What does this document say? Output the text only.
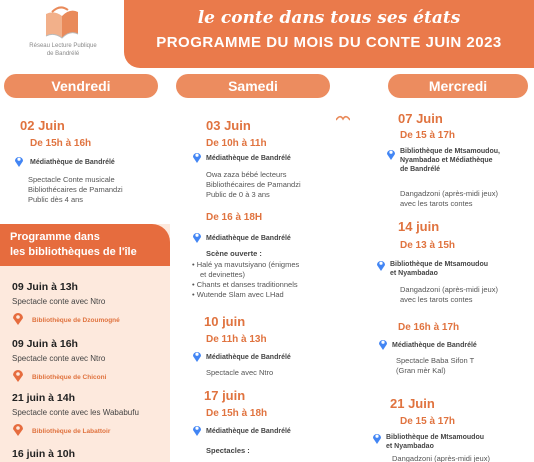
Réseau Lecture Publique
de Bandrélé
le conte dans tous ses états
PROGRAMME DU MOIS DU CONTE JUIN 2023
Vendredi	Samedi	Mercredi
02 Juin
De 15h à 16h
Médiathèque de Bandrélé
Spectacle Conte musicale
Bibliothécaires de Pamandzi
Public dès 4 ans
Programme dans
les bibliothèques de l'île
09 Juin à 13h
Spectacle conte avec Ntro
Bibliothèque de Dzoumogné
09 Juin à 16h
Spectacle conte avec Ntro
Bibliothèque de Chiconi
21 juin à 14h
Spectacle conte avec les Wababufu
Bibliothèque de Labattoir
16 juin à 10h
03 Juin
De 10h à 11h
Médiathèque de Bandrélé
Owa zaza bébé lecteurs
Bibliothécaires de Pamandzi
Public de 0 à 3 ans
De 16 à 18H
Médiathèque de Bandrélé
Scène ouverte :
• Halé ya mavutsiyano (énigmes
et devinettes)
• Chants et danses traditionnels
• Wutende Slam avec LHad
10 juin
De 11h à 13h
Médiathèque de Bandrélé
Spectacle avec Ntro
17 juin
De 15h à 18h
Médiathèque de Bandrélé
Spectacles :
07 Juin
De 15 à 17h
Bibliothèque de Mtsamoudou,
Nyambadao et Médiathèque
de Bandrélé
Dangadzoni (après-midi jeux)
avec les tarots contes
14 juin
De 13 à 15h
Bibliothèque de Mtsamoudou
et Nyambadao
Dangadzoni (après-midi jeux)
avec les tarots contes
De 16h à 17h
Médiathèque de Bandrélé
Spectacle Baba Sifon T
(Gran mèr Kal)
21 Juin
De 15 à 17h
Bibliothèque de Mtsamoudou
et Nyambadao
Dangadzoni (après-midi jeux)
